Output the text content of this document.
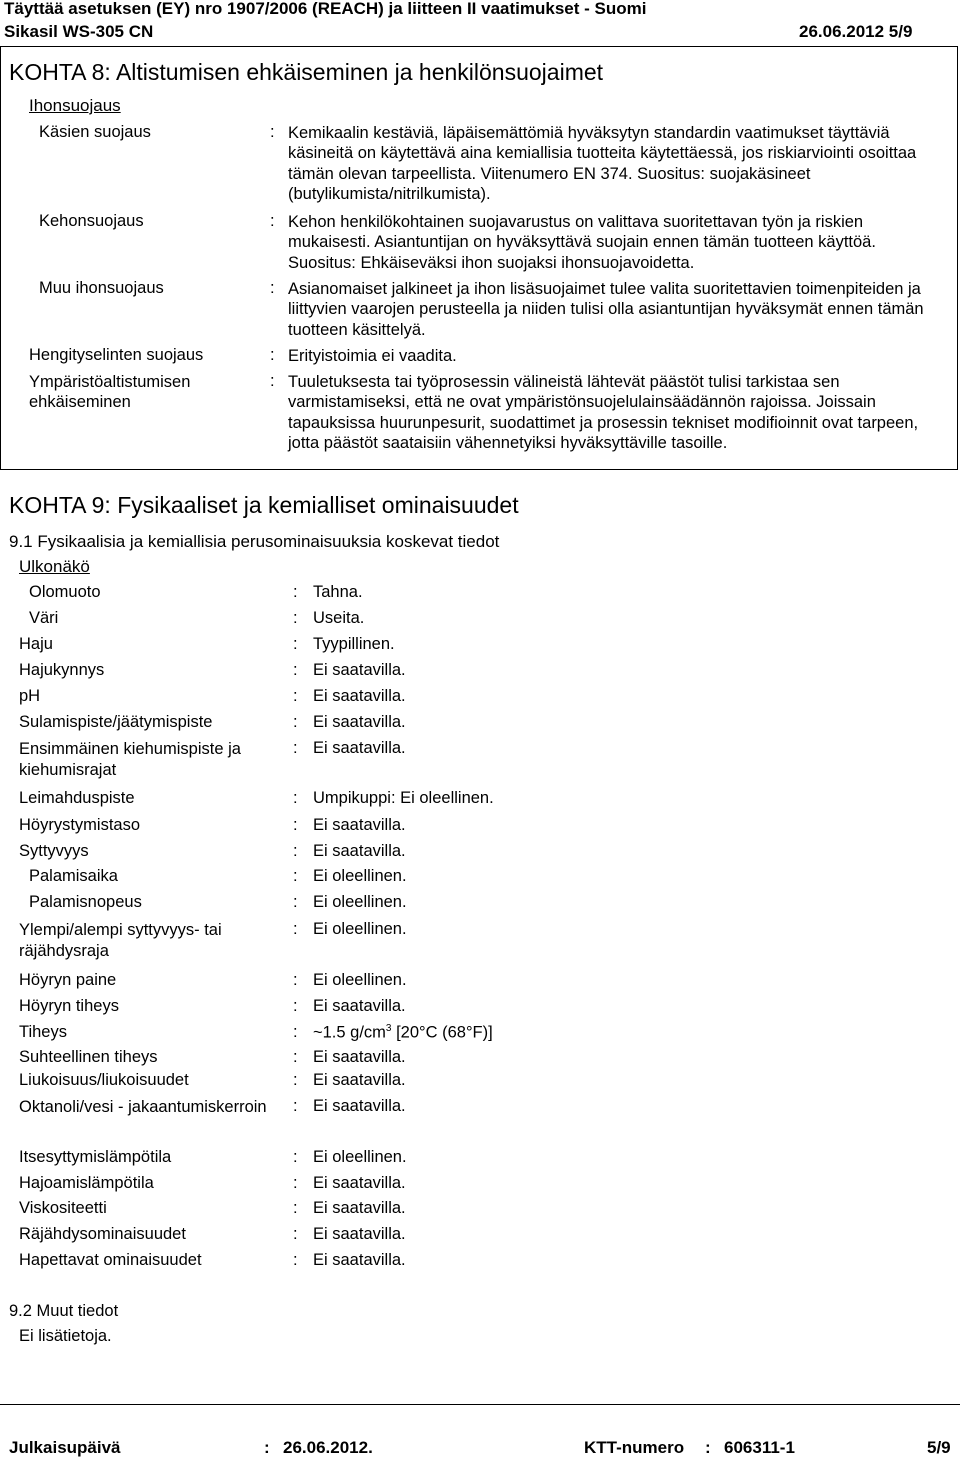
Täyttää asetuksen (EY) nro 1907/2006 (REACH) ja liitteen II vaatimukset - Suomi
Sikasil WS-305 CN	26.06.2012 5/9
KOHTA 8: Altistumisen ehkäiseminen ja henkilönsuojaimet
Ihonsuojaus
Käsien suojaus	: Kemikaalin kestäviä, läpäisemättömiä hyväksytyn standardin vaatimukset täyttäviä käsineitä on käytettävä aina kemiallisia tuotteita käytettäessä, jos riskiarviointi osoittaa tämän olevan tarpeellista. Viitenumero EN 374. Suositus: suojakäsineet (butylikumista/nitrilkumista).
Kehonsuojaus	: Kehon henkilökohtainen suojavarustus on valittava suoritettavan työn ja riskien mukaisesti. Asiantuntijan on hyväksyttävä suojain ennen tämän tuotteen käyttöä. Suositus: Ehkäiseväksi ihon suojaksi ihonsuojavoidetta.
Muu ihonsuojaus	: Asianomaiset jalkineet ja ihon lisäsuojaimet tulee valita suoritettavien toimenpiteiden ja liittyvien vaarojen perusteella ja niiden tulisi olla asiantuntijan hyväksymät ennen tämän tuotteen käsittelyä.
Hengityselinten suojaus	: Erityistoimia ei vaadita.
Ympäristöaltistumisen ehkäiseminen
: Tuuletuksesta tai työprosessin välineistä lähtevät päästöt tulisi tarkistaa sen varmistamiseksi, että ne ovat ympäristönsuojelulainsäädännön rajoissa. Joissain tapauksissa huurunpesurit, suodattimet ja prosessin tekniset modifioinnit ovat tarpeen, jotta päästöt saataisiin vähennetyiksi hyväksyttäville tasoille.
KOHTA 9: Fysikaaliset ja kemialliset ominaisuudet
9.1 Fysikaalisia ja kemiallisia perusominaisuuksia koskevat tiedot
Ulkonäkö
Olomuoto	: Tahna.
Väri	: Useita.
Haju	: Tyypillinen.
Hajukynnys	: Ei saatavilla.
pH	: Ei saatavilla.
Sulamispiste/jäätymispiste	: Ei saatavilla.
Ensimmäinen kiehumispiste ja kiehumisrajat
: Ei saatavilla.
Leimahduspiste	: Umpikuppi: Ei oleellinen.
Höyrystymistaso	: Ei saatavilla.
Syttyvyys	: Ei saatavilla.
Palamisaika	: Ei oleellinen.
Palamisnopeus	: Ei oleellinen.
Ylempi/alempi syttyvyys- tai räjähdysraja
: Ei oleellinen.
Höyryn paine	: Ei oleellinen.
Höyryn tiheys	: Ei saatavilla.
Tiheys	: ~1.5 $g/cm^3$ [20°C (68°F)]
Suhteellinen tiheys	: Ei saatavilla.
Liukoisuus/liukoisuudet	: Ei saatavilla.
Oktanoli/vesi - jakaantumiskerroin	: Ei saatavilla.
Itsesyttymislämpötila	: Ei oleellinen.
Hajoamislämpötila	: Ei saatavilla.
Viskositeetti	: Ei saatavilla.
Räjähdysominaisuudet	: Ei saatavilla.
Hapettavat ominaisuudet	: Ei saatavilla.
9.2 Muut tiedot
Ei lisätietoja.
Julkaisupäivä	: 26.06.2012.	KTT-numero : 606311-1	5/9
